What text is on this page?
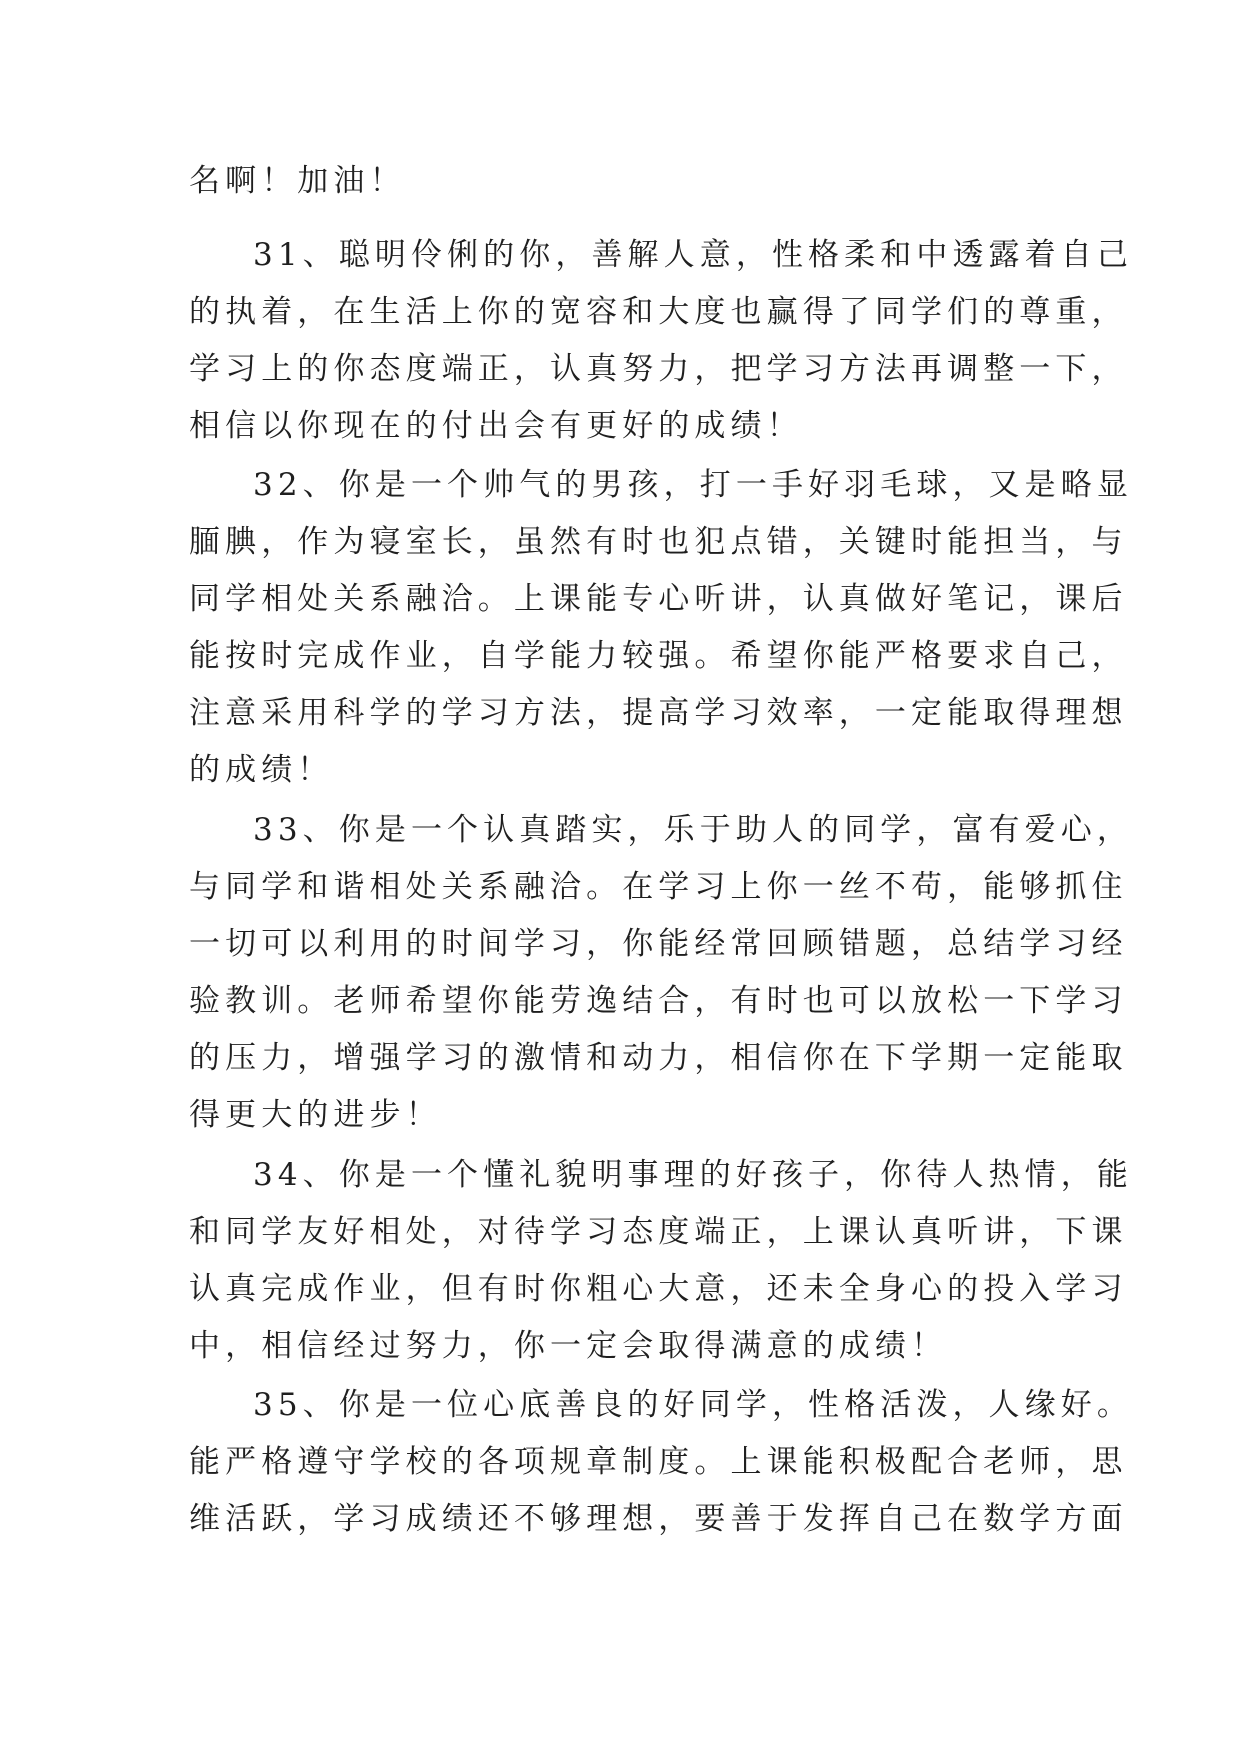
名啊！加油！
31、聪明伶俐的你，善解人意，性格柔和中透露着自己
的执着，在生活上你的宽容和大度也赢得了同学们的尊重，
学习上的你态度端正，认真努力，把学习方法再调整一下，
相信以你现在的付出会有更好的成绩！
32、你是一个帅气的男孩，打一手好羽毛球，又是略显
腼腆，作为寝室长，虽然有时也犯点错，关键时能担当，与
同学相处关系融洽。上课能专心听讲，认真做好笔记，课后
能按时完成作业，自学能力较强。希望你能严格要求自己，
注意采用科学的学习方法，提高学习效率，一定能取得理想
的成绩！
33、你是一个认真踏实，乐于助人的同学，富有爱心，
与同学和谐相处关系融洽。在学习上你一丝不苟，能够抓住
一切可以利用的时间学习，你能经常回顾错题，总结学习经
验教训。老师希望你能劳逸结合，有时也可以放松一下学习
的压力，增强学习的激情和动力，相信你在下学期一定能取
得更大的进步！
34、你是一个懂礼貌明事理的好孩子，你待人热情，能
和同学友好相处，对待学习态度端正，上课认真听讲，下课
认真完成作业，但有时你粗心大意，还未全身心的投入学习
中，相信经过努力，你一定会取得满意的成绩！
35、你是一位心底善良的好同学，性格活泼，人缘好。
能严格遵守学校的各项规章制度。上课能积极配合老师，思
维活跃，学习成绩还不够理想，要善于发挥自己在数学方面
